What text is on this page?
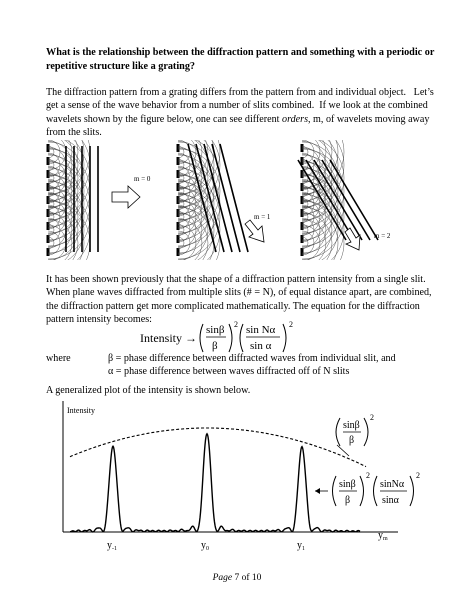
What is the relationship between the diffraction pattern and something with a periodic or repetitive structure like a grating?
The diffraction pattern from a grating differs from the pattern from and individual object.   Let’s get a sense of the wave behavior from a number of slits combined.  If we look at the combined wavelets shown by the figure below, one can see different orders, m, of wavelets moving away from the slits.
m = 0
m = 1
m = 2
It has been shown previously that the shape of a diffraction pattern intensity from a single slit. When plane waves diffracted from multiple slits (# = N), of equal distance apart, are combined, the diffraction pattern get more complicated mathematically. The equation for the diffraction pattern intensity becomes:
Intensity →
sinβ
β
2 sin Nα
sin α
2
where	β = phase difference between diffracted waves from individual slit, and
α = phase difference between waves diffracted off of N slits
A generalized plot of the intensity is shown below.
Intensity
$y_m$
$y_{-1}$	$y_0$	$y_1$
sinβ
β
2
sinβ
β
2
sinNα
sinα
2
Page 7 of 10
